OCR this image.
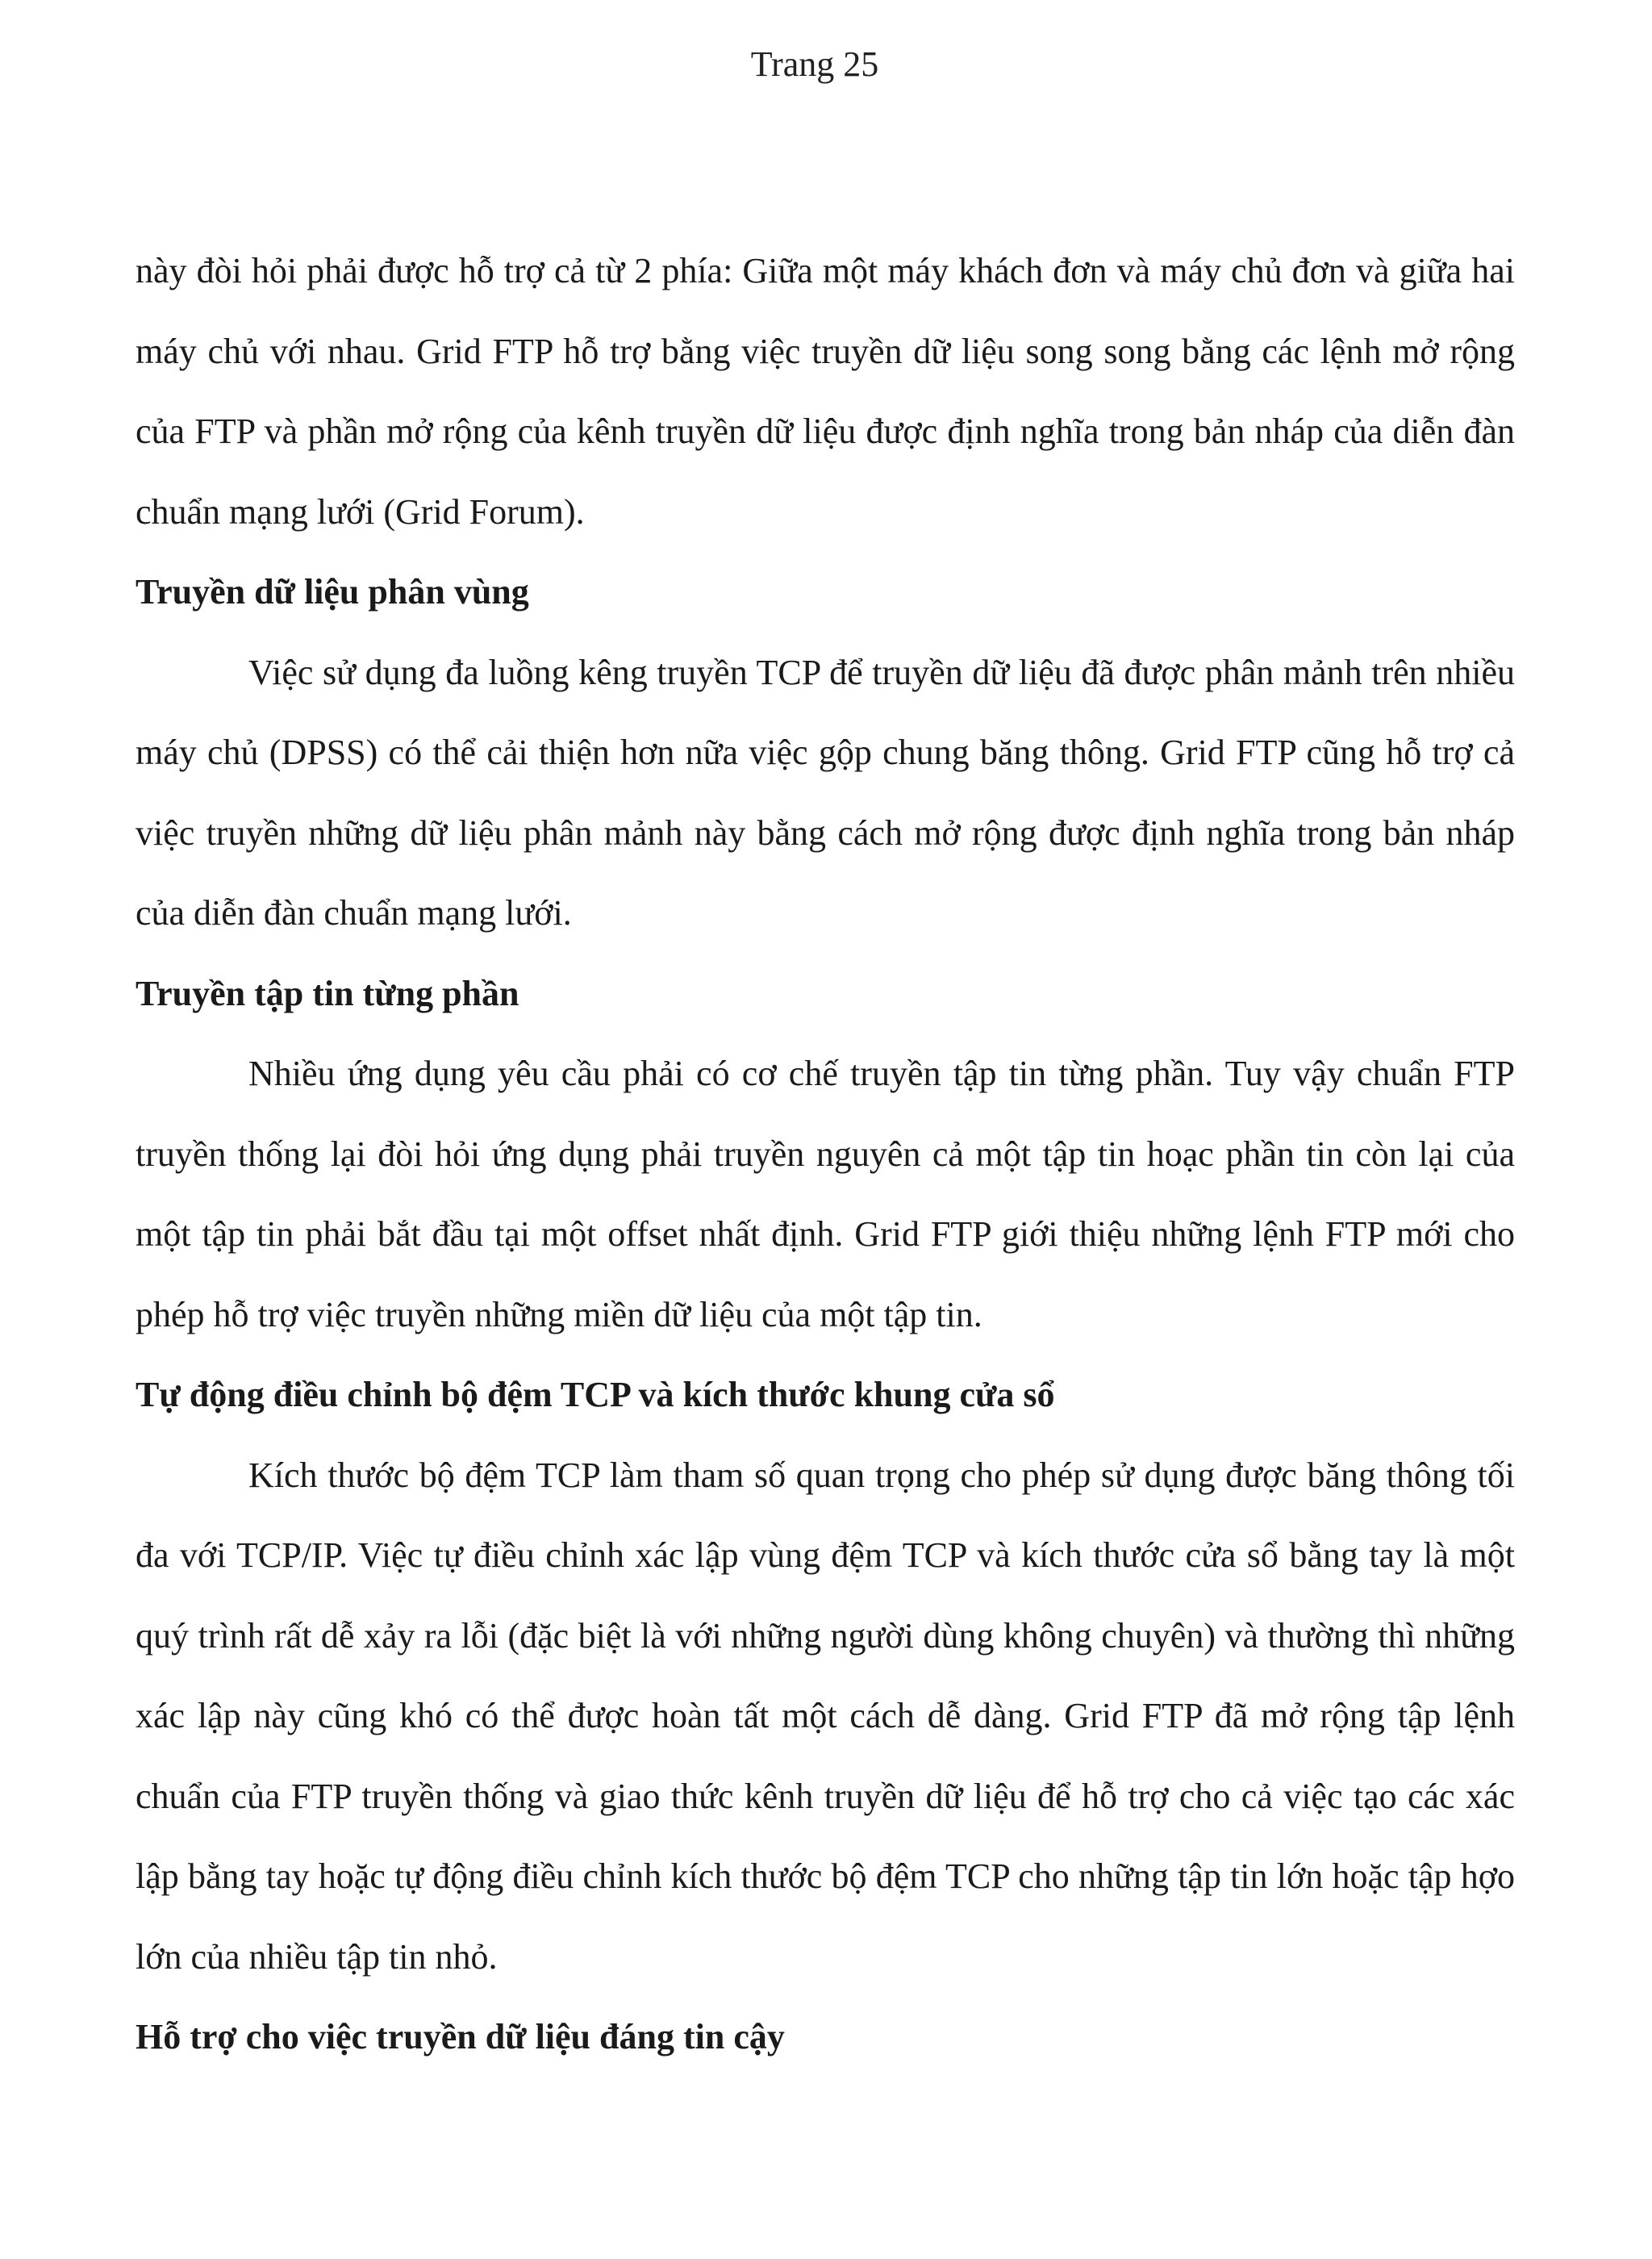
Trang 25

này đòi hỏi phải được hỗ trợ cả từ 2 phía: Giữa một máy khách đơn và máy chủ đơn và giữa hai máy chủ với nhau. Grid FTP hỗ trợ bằng việc truyền dữ liệu song song bằng các lệnh mở rộng của FTP và phần mở rộng của kênh truyền dữ liệu được định nghĩa trong bản nháp của diễn đàn chuẩn mạng lưới (Grid Forum).

Truyền dữ liệu phân vùng

Việc sử dụng đa luồng kêng truyền TCP để truyền dữ liệu đã được phân mảnh trên nhiều máy chủ (DPSS) có thể cải thiện hơn nữa việc gộp chung băng thông. Grid FTP cũng hỗ trợ cả việc truyền những dữ liệu phân mảnh này bằng cách mở rộng được định nghĩa trong bản nháp của diễn đàn chuẩn mạng lưới.

Truyền tập tin từng phần

Nhiều ứng dụng yêu cầu phải có cơ chế truyền tập tin từng phần. Tuy vậy chuẩn FTP truyền thống lại đòi hỏi ứng dụng phải truyền nguyên cả một tập tin hoạc phần tin còn lại của một tập tin phải bắt đầu tại một offset nhất định. Grid FTP giới thiệu những lệnh FTP mới cho phép hỗ trợ việc truyền những miền dữ liệu của một tập tin.

Tự động điều chỉnh bộ đệm TCP và kích thước khung cửa sổ

Kích thước bộ đệm TCP làm tham số quan trọng cho phép sử dụng được băng thông tối đa với TCP/IP. Việc tự điều chỉnh xác lập vùng đệm TCP và kích thước cửa sổ bằng tay là một quý trình rất dễ xảy ra lỗi (đặc biệt là với những người dùng không chuyên) và thường thì những xác lập này cũng khó có thể được hoàn tất một cách dễ dàng. Grid FTP đã mở rộng tập lệnh chuẩn của FTP truyền thống và giao thức kênh truyền dữ liệu để hỗ trợ cho cả việc tạo các xác lập bằng tay hoặc tự động điều chỉnh kích thước bộ đệm TCP cho những tập tin lớn hoặc tập hợo lớn của nhiều tập tin nhỏ.

Hỗ trợ cho việc truyền dữ liệu đáng tin cậy
